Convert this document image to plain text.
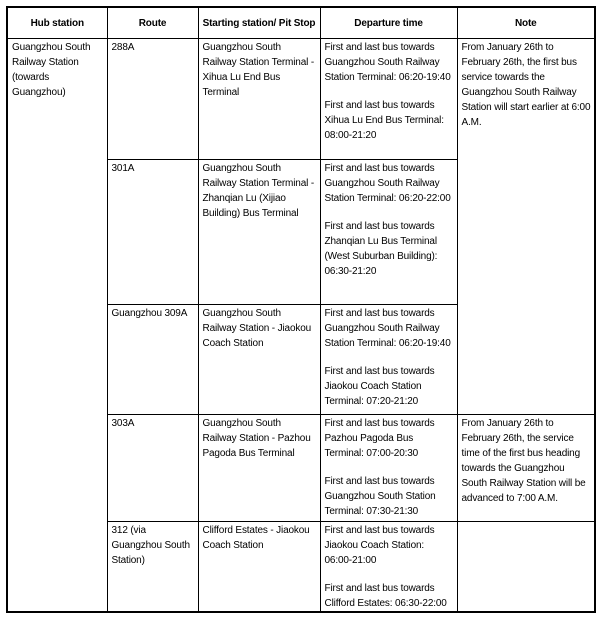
Hub station	Route	Starting station/ Pit Stop	Departure time	Note
Guangzhou South Railway Station (towards Guangzhou)	288A	Guangzhou South Railway Station Terminal - Xihua Lu End Bus Terminal	First and last bus towards Guangzhou South Railway Station Terminal: 06:20-19:40

First and last bus towards Xihua Lu End Bus Terminal: 08:00-21:20	From January 26th to February 26th, the first bus service towards the Guangzhou South Railway Station will start earlier at 6:00 A.M.
	301A	Guangzhou South Railway Station Terminal - Zhanqian Lu (Xijiao Building) Bus Terminal	First and last bus towards Guangzhou South Railway Station Terminal: 06:20-22:00

First and last bus towards Zhanqian Lu Bus Terminal (West Suburban Building): 06:30-21:20	

	Guangzhou 309A	Guangzhou South Railway Station - Jiaokou Coach Station	First and last bus towards Guangzhou South Railway Station Terminal: 06:20-19:40

First and last bus towards Jiaokou Coach Station Terminal: 07:20-21:20	

	303A	Guangzhou South Railway Station - Pazhou Pagoda Bus Terminal	First and last bus towards Pazhou Pagoda Bus Terminal: 07:00-20:30

First and last bus towards Guangzhou South Station Terminal: 07:30-21:30	From January 26th to February 26th, the service time of the first bus heading towards the Guangzhou South Railway Station will be advanced to 7:00 A.M.
	312 (via Guangzhou South Station)	Clifford Estates - Jiaokou Coach Station	First and last bus towards Jiaokou Coach Station: 06:00-21:00

First and last bus towards Clifford Estates: 06:30-22:00	
